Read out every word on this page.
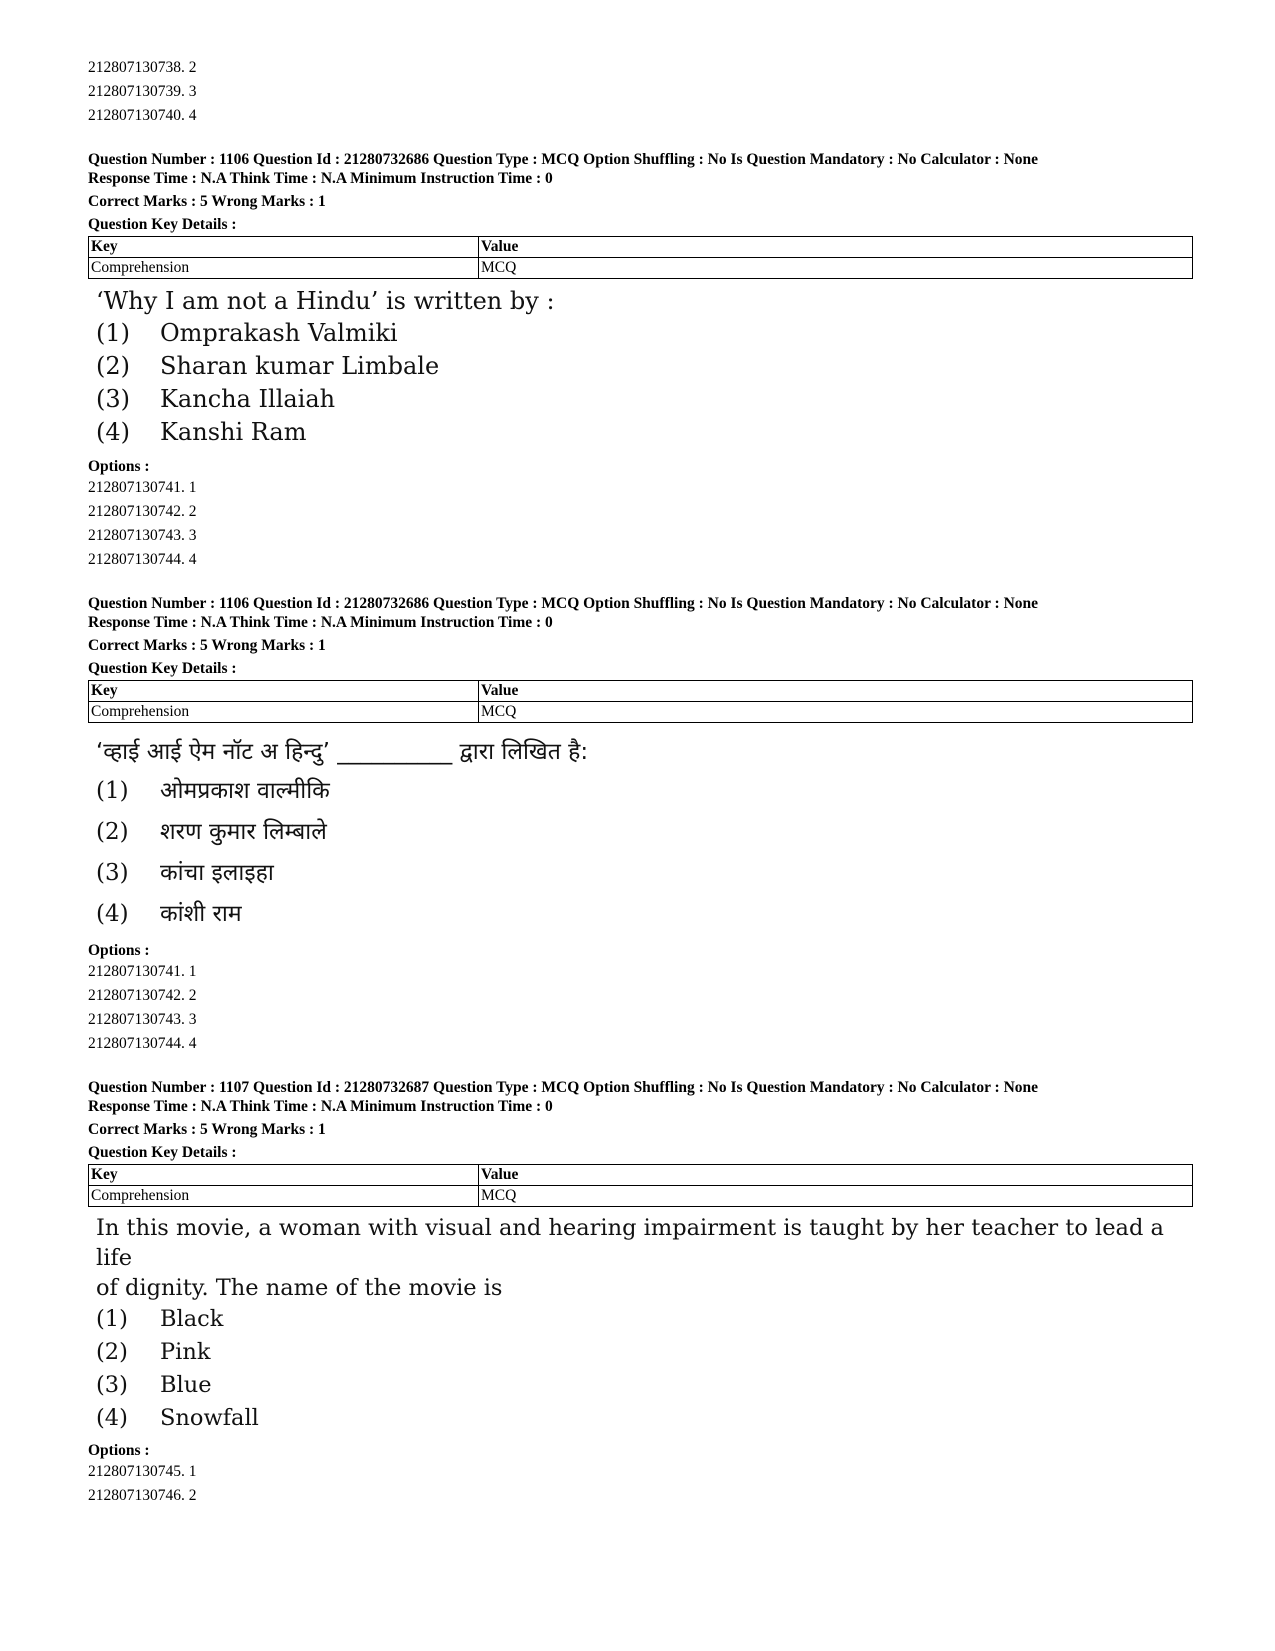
212807130738. 2
212807130739. 3
212807130740. 4
Question Number : 1106 Question Id : 21280732686 Question Type : MCQ Option Shuffling : No Is Question Mandatory : No Calculator : None
Response Time : N.A Think Time : N.A Minimum Instruction Time : 0
Correct Marks : 5 Wrong Marks : 1
Question Key Details :
Key	Value
Comprehension	MCQ
‘Why I am not a Hindu’ is written by :
(1)	Omprakash Valmiki
(2)	Sharan kumar Limbale
(3)	Kancha Illaiah
(4)	Kanshi Ram
Options :
212807130741. 1
212807130742. 2
212807130743. 3
212807130744. 4
Question Number : 1106 Question Id : 21280732686 Question Type : MCQ Option Shuffling : No Is Question Mandatory : No Calculator : None
Response Time : N.A Think Time : N.A Minimum Instruction Time : 0
Correct Marks : 5 Wrong Marks : 1
Question Key Details :
Key	Value
Comprehension	MCQ
‘व्हाई आई ऐम नॉट अ हिन्दु’ __________ द्वारा लिखित है:
(1)	ओमप्रकाश वाल्मीकि
(2)	शरण कुमार लिम्बाले
(3)	कांचा इलाइहा
(4)	कांशी राम
Options :
212807130741. 1
212807130742. 2
212807130743. 3
212807130744. 4
Question Number : 1107 Question Id : 21280732687 Question Type : MCQ Option Shuffling : No Is Question Mandatory : No Calculator : None
Response Time : N.A Think Time : N.A Minimum Instruction Time : 0
Correct Marks : 5 Wrong Marks : 1
Question Key Details :
Key	Value
Comprehension	MCQ
In this movie, a woman with visual and hearing impairment is taught by her teacher to lead a life
of dignity. The name of the movie is
(1)	Black
(2)	Pink
(3)	Blue
(4)	Snowfall
Options :
212807130745. 1
212807130746. 2
